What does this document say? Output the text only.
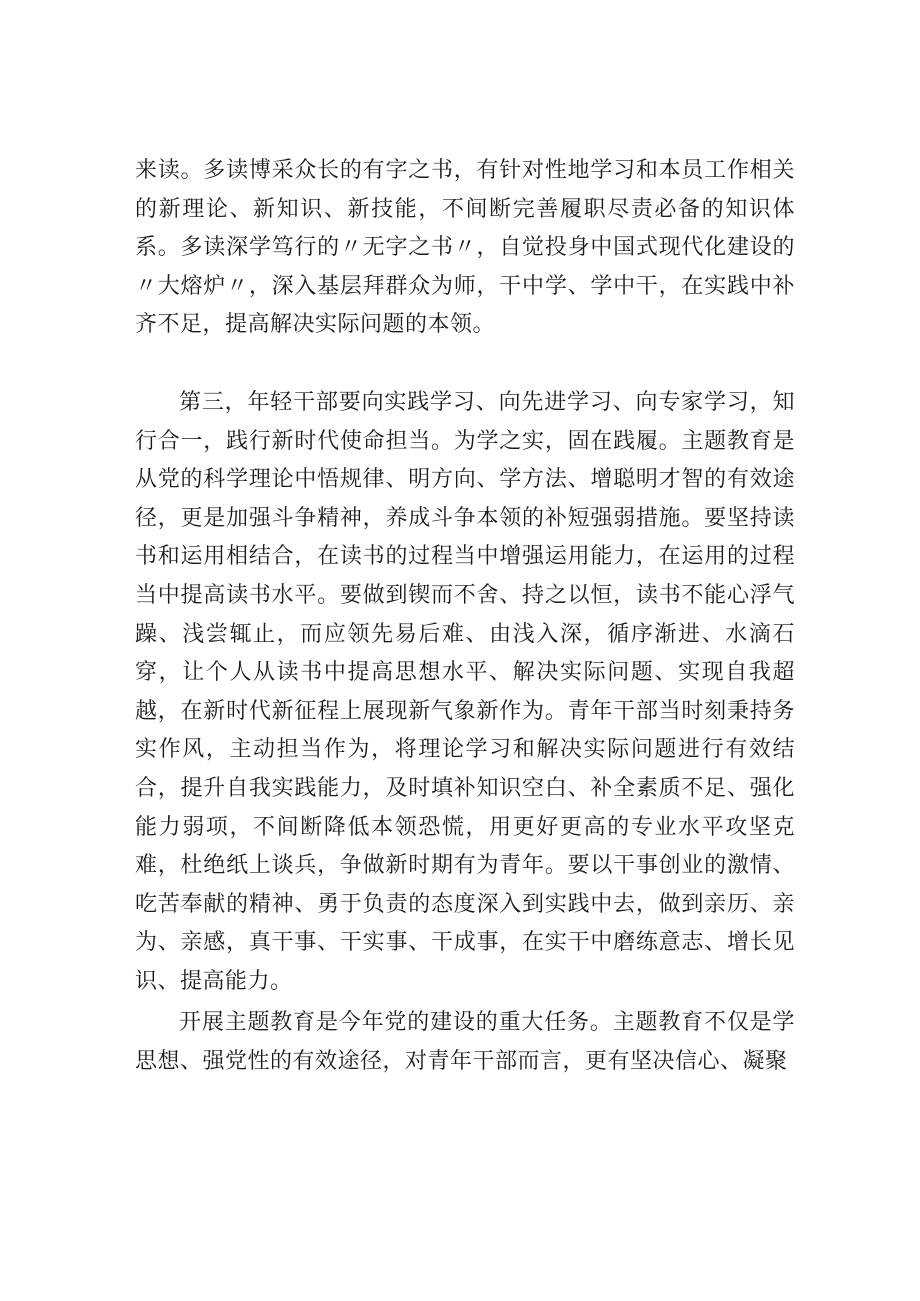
来读。多读博采众长的有字之书，有针对性地学习和本员工作相关的新理论、新知识、新技能，不间断完善履职尽责必备的知识体系。多读深学笃行的〃无字之书〃，自觉投身中国式现代化建设的〃大熔炉〃，深入基层拜群众为师，干中学、学中干，在实践中补齐不足，提高解决实际问题的本领。

第三，年轻干部要向实践学习、向先进学习、向专家学习，知行合一，践行新时代使命担当。为学之实，固在践履。主题教育是从党的科学理论中悟规律、明方向、学方法、增聪明才智的有效途径，更是加强斗争精神，养成斗争本领的补短强弱措施。要坚持读书和运用相结合，在读书的过程当中增强运用能力，在运用的过程当中提高读书水平。要做到锲而不舍、持之以恒，读书不能心浮气躁、浅尝辄止，而应领先易后难、由浅入深，循序渐进、水滴石穿，让个人从读书中提高思想水平、解决实际问题、实现自我超越，在新时代新征程上展现新气象新作为。青年干部当时刻秉持务实作风，主动担当作为，将理论学习和解决实际问题进行有效结合，提升自我实践能力，及时填补知识空白、补全素质不足、强化能力弱项，不间断降低本领恐慌，用更好更高的专业水平攻坚克难，杜绝纸上谈兵，争做新时期有为青年。要以干事创业的激情、吃苦奉献的精神、勇于负责的态度深入到实践中去，做到亲历、亲为、亲感，真干事、干实事、干成事，在实干中磨练意志、增长见识、提高能力。

开展主题教育是今年党的建设的重大任务。主题教育不仅是学思想、强党性的有效途径，对青年干部而言，更有坚决信心、凝聚
